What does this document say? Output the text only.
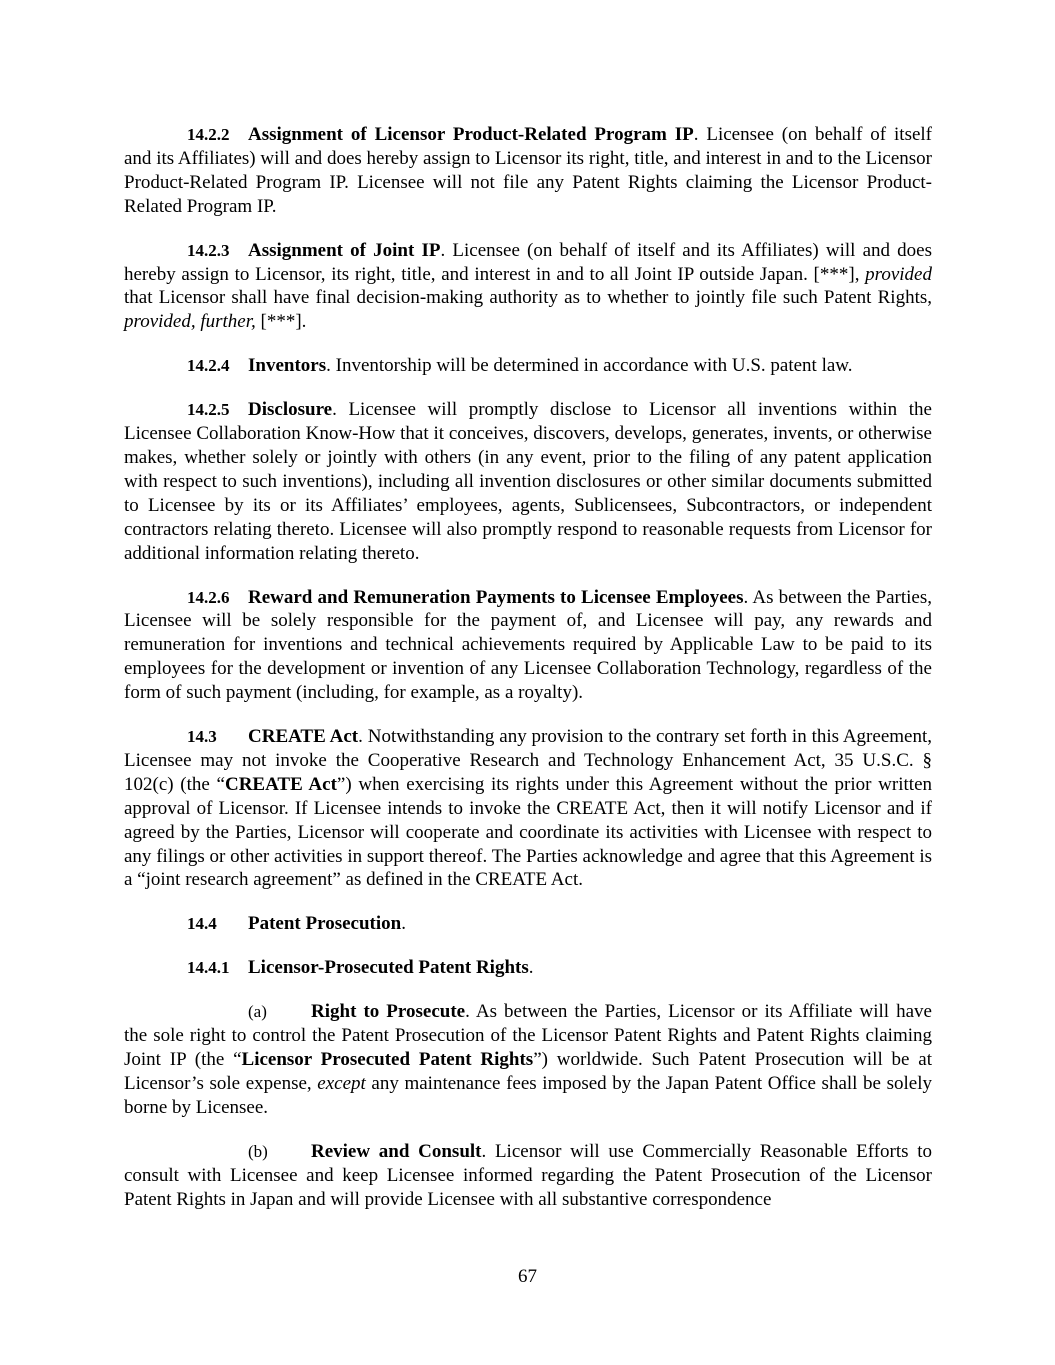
14.2.2 Assignment of Licensor Product-Related Program IP. Licensee (on behalf of itself and its Affiliates) will and does hereby assign to Licensor its right, title, and interest in and to the Licensor Product-Related Program IP. Licensee will not file any Patent Rights claiming the Licensor Product-Related Program IP.

14.2.3 Assignment of Joint IP. Licensee (on behalf of itself and its Affiliates) will and does hereby assign to Licensor, its right, title, and interest in and to all Joint IP outside Japan. [***], provided that Licensor shall have final decision-making authority as to whether to jointly file such Patent Rights, provided, further, [***].

14.2.4 Inventors. Inventorship will be determined in accordance with U.S. patent law.

14.2.5 Disclosure. Licensee will promptly disclose to Licensor all inventions within the Licensee Collaboration Know-How that it conceives, discovers, develops, generates, invents, or otherwise makes, whether solely or jointly with others (in any event, prior to the filing of any patent application with respect to such inventions), including all invention disclosures or other similar documents submitted to Licensee by its or its Affiliates’ employees, agents, Sublicensees, Subcontractors, or independent contractors relating thereto. Licensee will also promptly respond to reasonable requests from Licensor for additional information relating thereto.

14.2.6 Reward and Remuneration Payments to Licensee Employees. As between the Parties, Licensee will be solely responsible for the payment of, and Licensee will pay, any rewards and remuneration for inventions and technical achievements required by Applicable Law to be paid to its employees for the development or invention of any Licensee Collaboration Technology, regardless of the form of such payment (including, for example, as a royalty).

14.3 CREATE Act. Notwithstanding any provision to the contrary set forth in this Agreement, Licensee may not invoke the Cooperative Research and Technology Enhancement Act, 35 U.S.C. § 102(c) (the “CREATE Act”) when exercising its rights under this Agreement without the prior written approval of Licensor. If Licensee intends to invoke the CREATE Act, then it will notify Licensor and if agreed by the Parties, Licensor will cooperate and coordinate its activities with Licensee with respect to any filings or other activities in support thereof. The Parties acknowledge and agree that this Agreement is a “joint research agreement” as defined in the CREATE Act.

14.4 Patent Prosecution.

14.4.1 Licensor-Prosecuted Patent Rights.

(a) Right to Prosecute. As between the Parties, Licensor or its Affiliate will have the sole right to control the Patent Prosecution of the Licensor Patent Rights and Patent Rights claiming Joint IP (the “Licensor Prosecuted Patent Rights”) worldwide. Such Patent Prosecution will be at Licensor’s sole expense, except any maintenance fees imposed by the Japan Patent Office shall be solely borne by Licensee.

(b) Review and Consult. Licensor will use Commercially Reasonable Efforts to consult with Licensee and keep Licensee informed regarding the Patent Prosecution of the Licensor Patent Rights in Japan and will provide Licensee with all substantive correspondence

67
